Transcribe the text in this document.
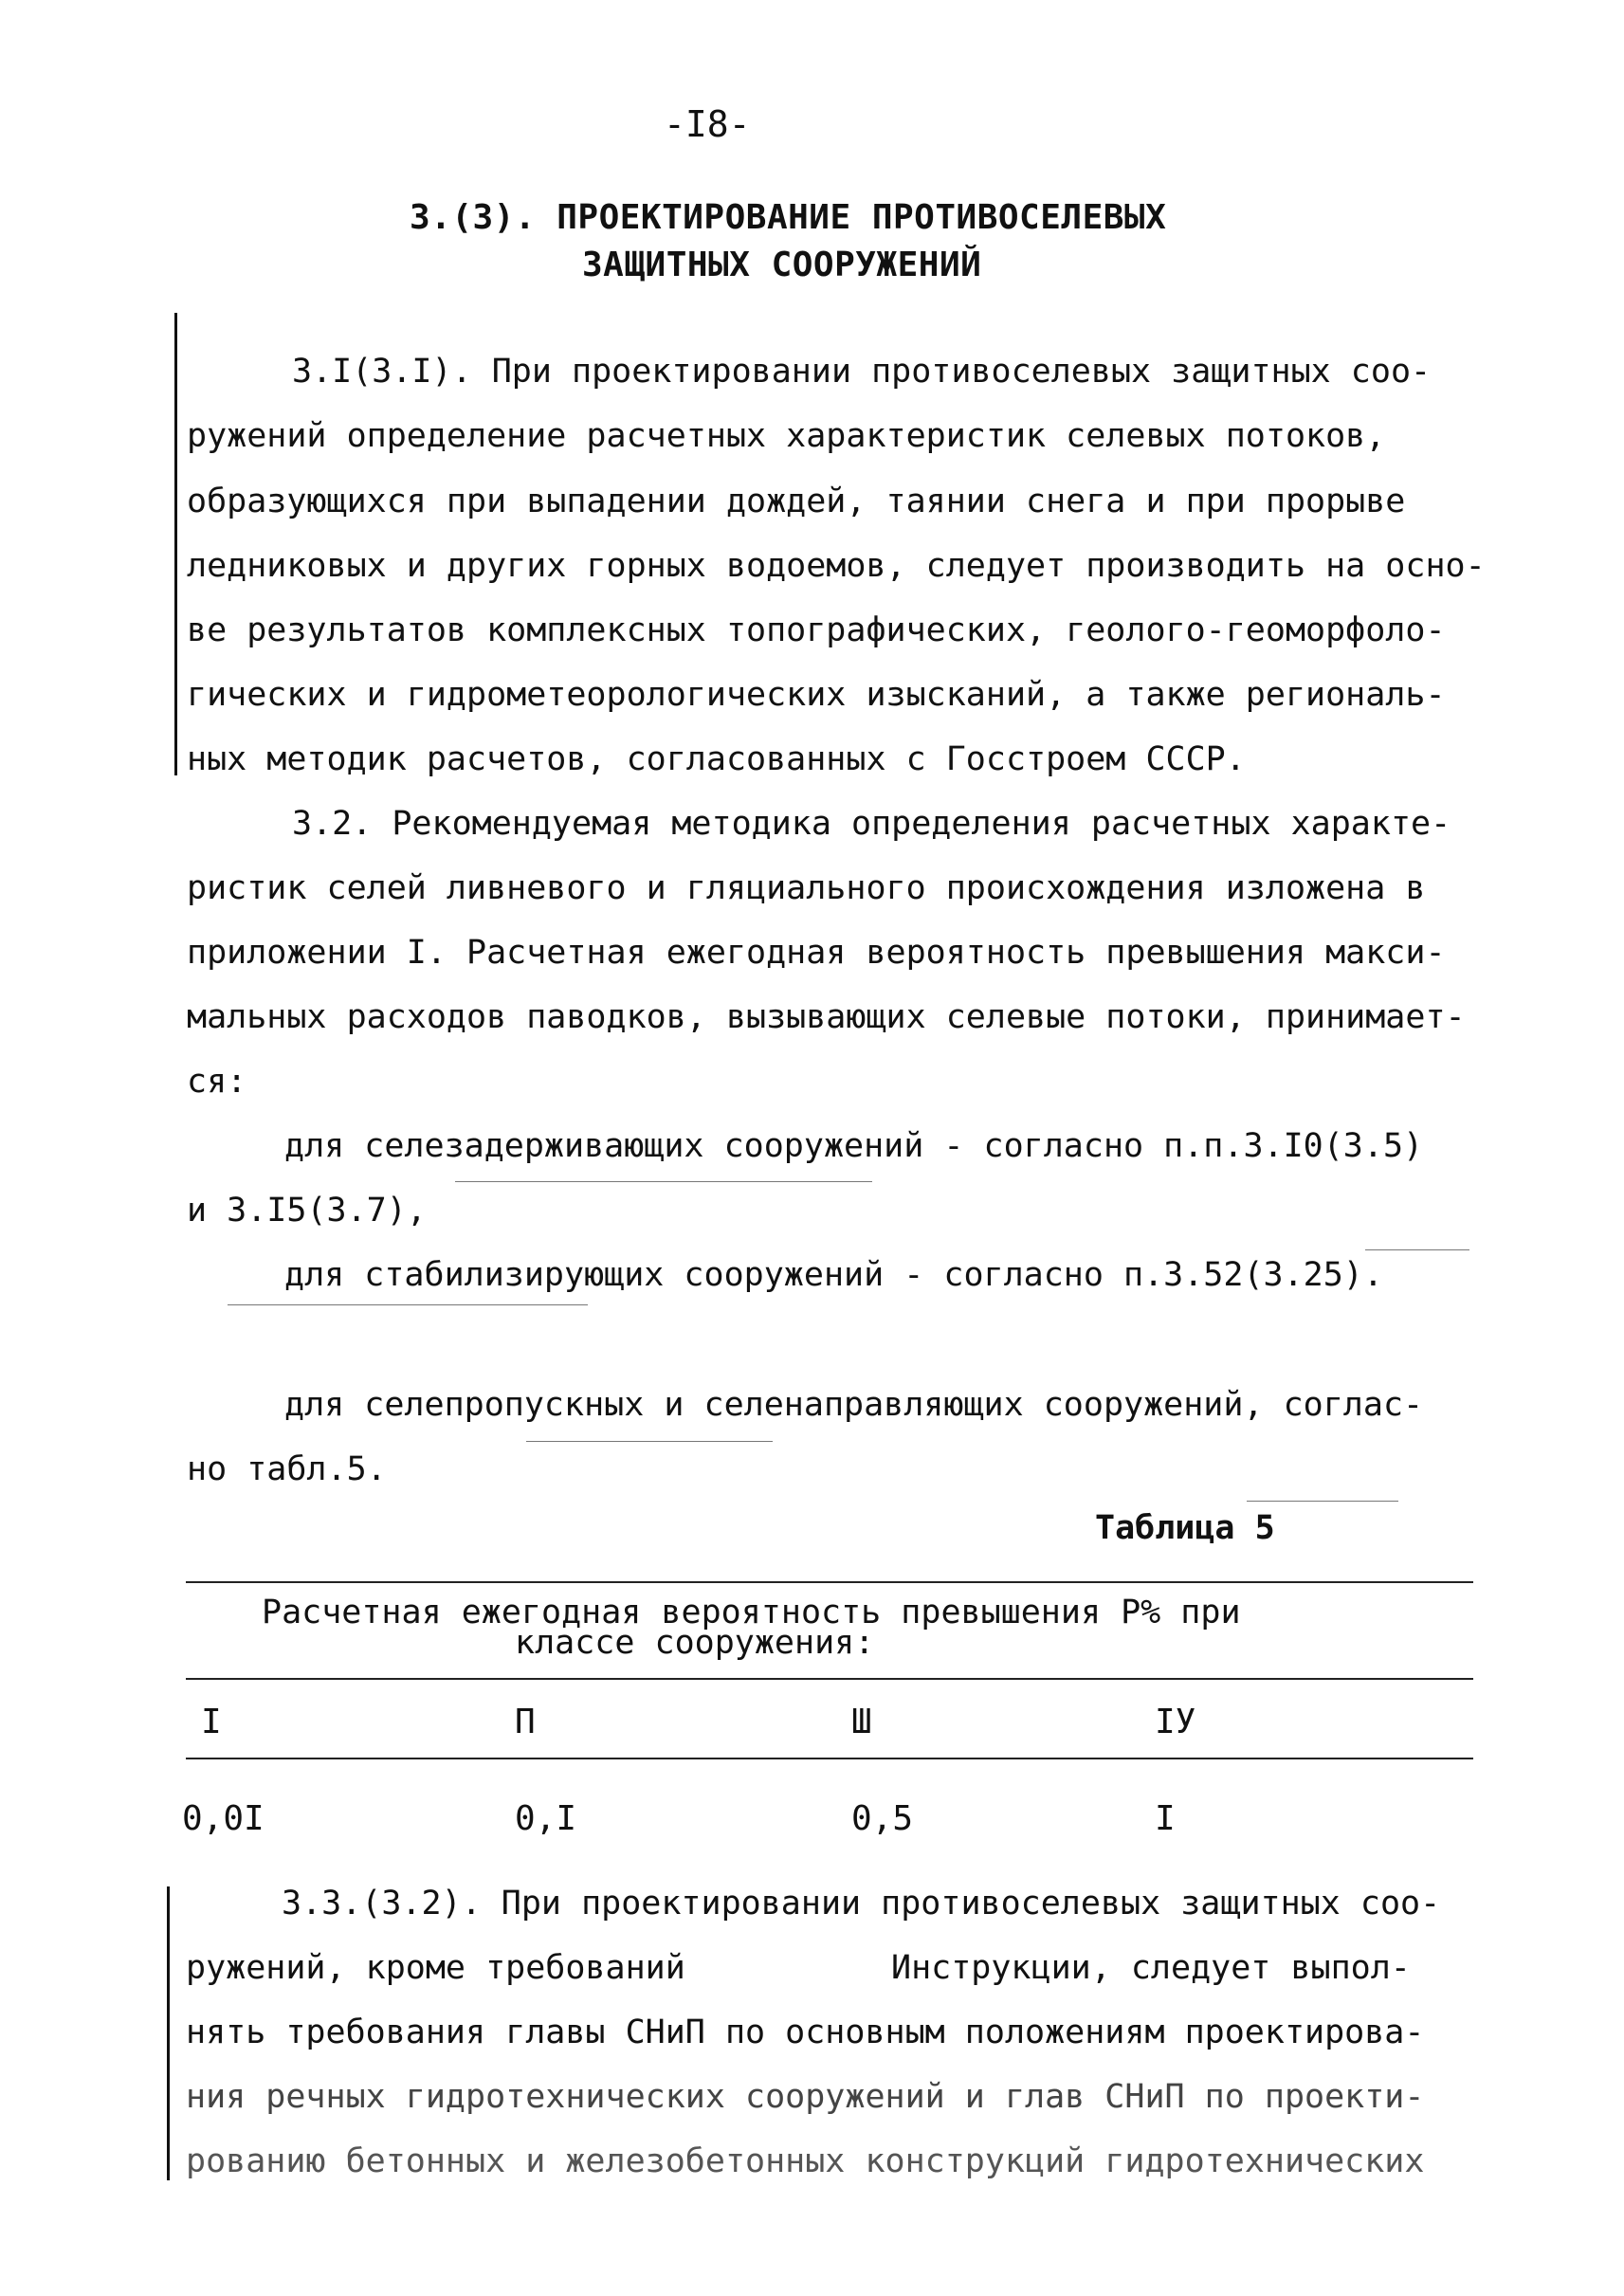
-I8-
3.(3). ПРОЕКТИРОВАНИЕ ПРОТИВОСЕЛЕВЫХ
ЗАЩИТНЫХ СООРУЖЕНИЙ
3.I(3.I). При проектировании противоселевых защитных соо-
ружений определение расчетных характеристик селевых потоков,
образующихся при выпадении дождей, таянии снега и при прорыве
ледниковых и других горных водоемов, следует производить на осно-
ве результатов комплексных топографических, геолого-геоморфоло-
гических и гидрометеорологических изысканий, а также региональ-
ных методик расчетов, согласованных с Госстроем СССР.
3.2. Рекомендуемая методика определения расчетных характе-
ристик селей ливневого и гляциального происхождения изложена в
приложении I. Расчетная ежегодная вероятность превышения макси-
мальных расходов паводков, вызывающих селевые потоки, принимает-
ся:
для селезадерживающих сооружений - согласно п.п.3.I0(3.5)
и 3.I5(3.7),
для стабилизирующих сооружений - согласно п.3.52(3.25).
для селепропускных и селенаправляющих сооружений, соглас-
но табл.5.
Таблица 5
Расчетная ежегодная вероятность превышения Р% при
классе сооружения:
I	П	Ш	IУ
0,0I	0,I	0,5	I
3.3.(3.2). При проектировании противоселевых защитных соо-
ружений, кроме требований	Инструкции, следует выпол-
нять требования главы СНиП по основным положениям проектирова-
ния речных гидротехнических сооружений и глав СНиП по проекти-
рованию бетонных и железобетонных конструкций гидротехнических
